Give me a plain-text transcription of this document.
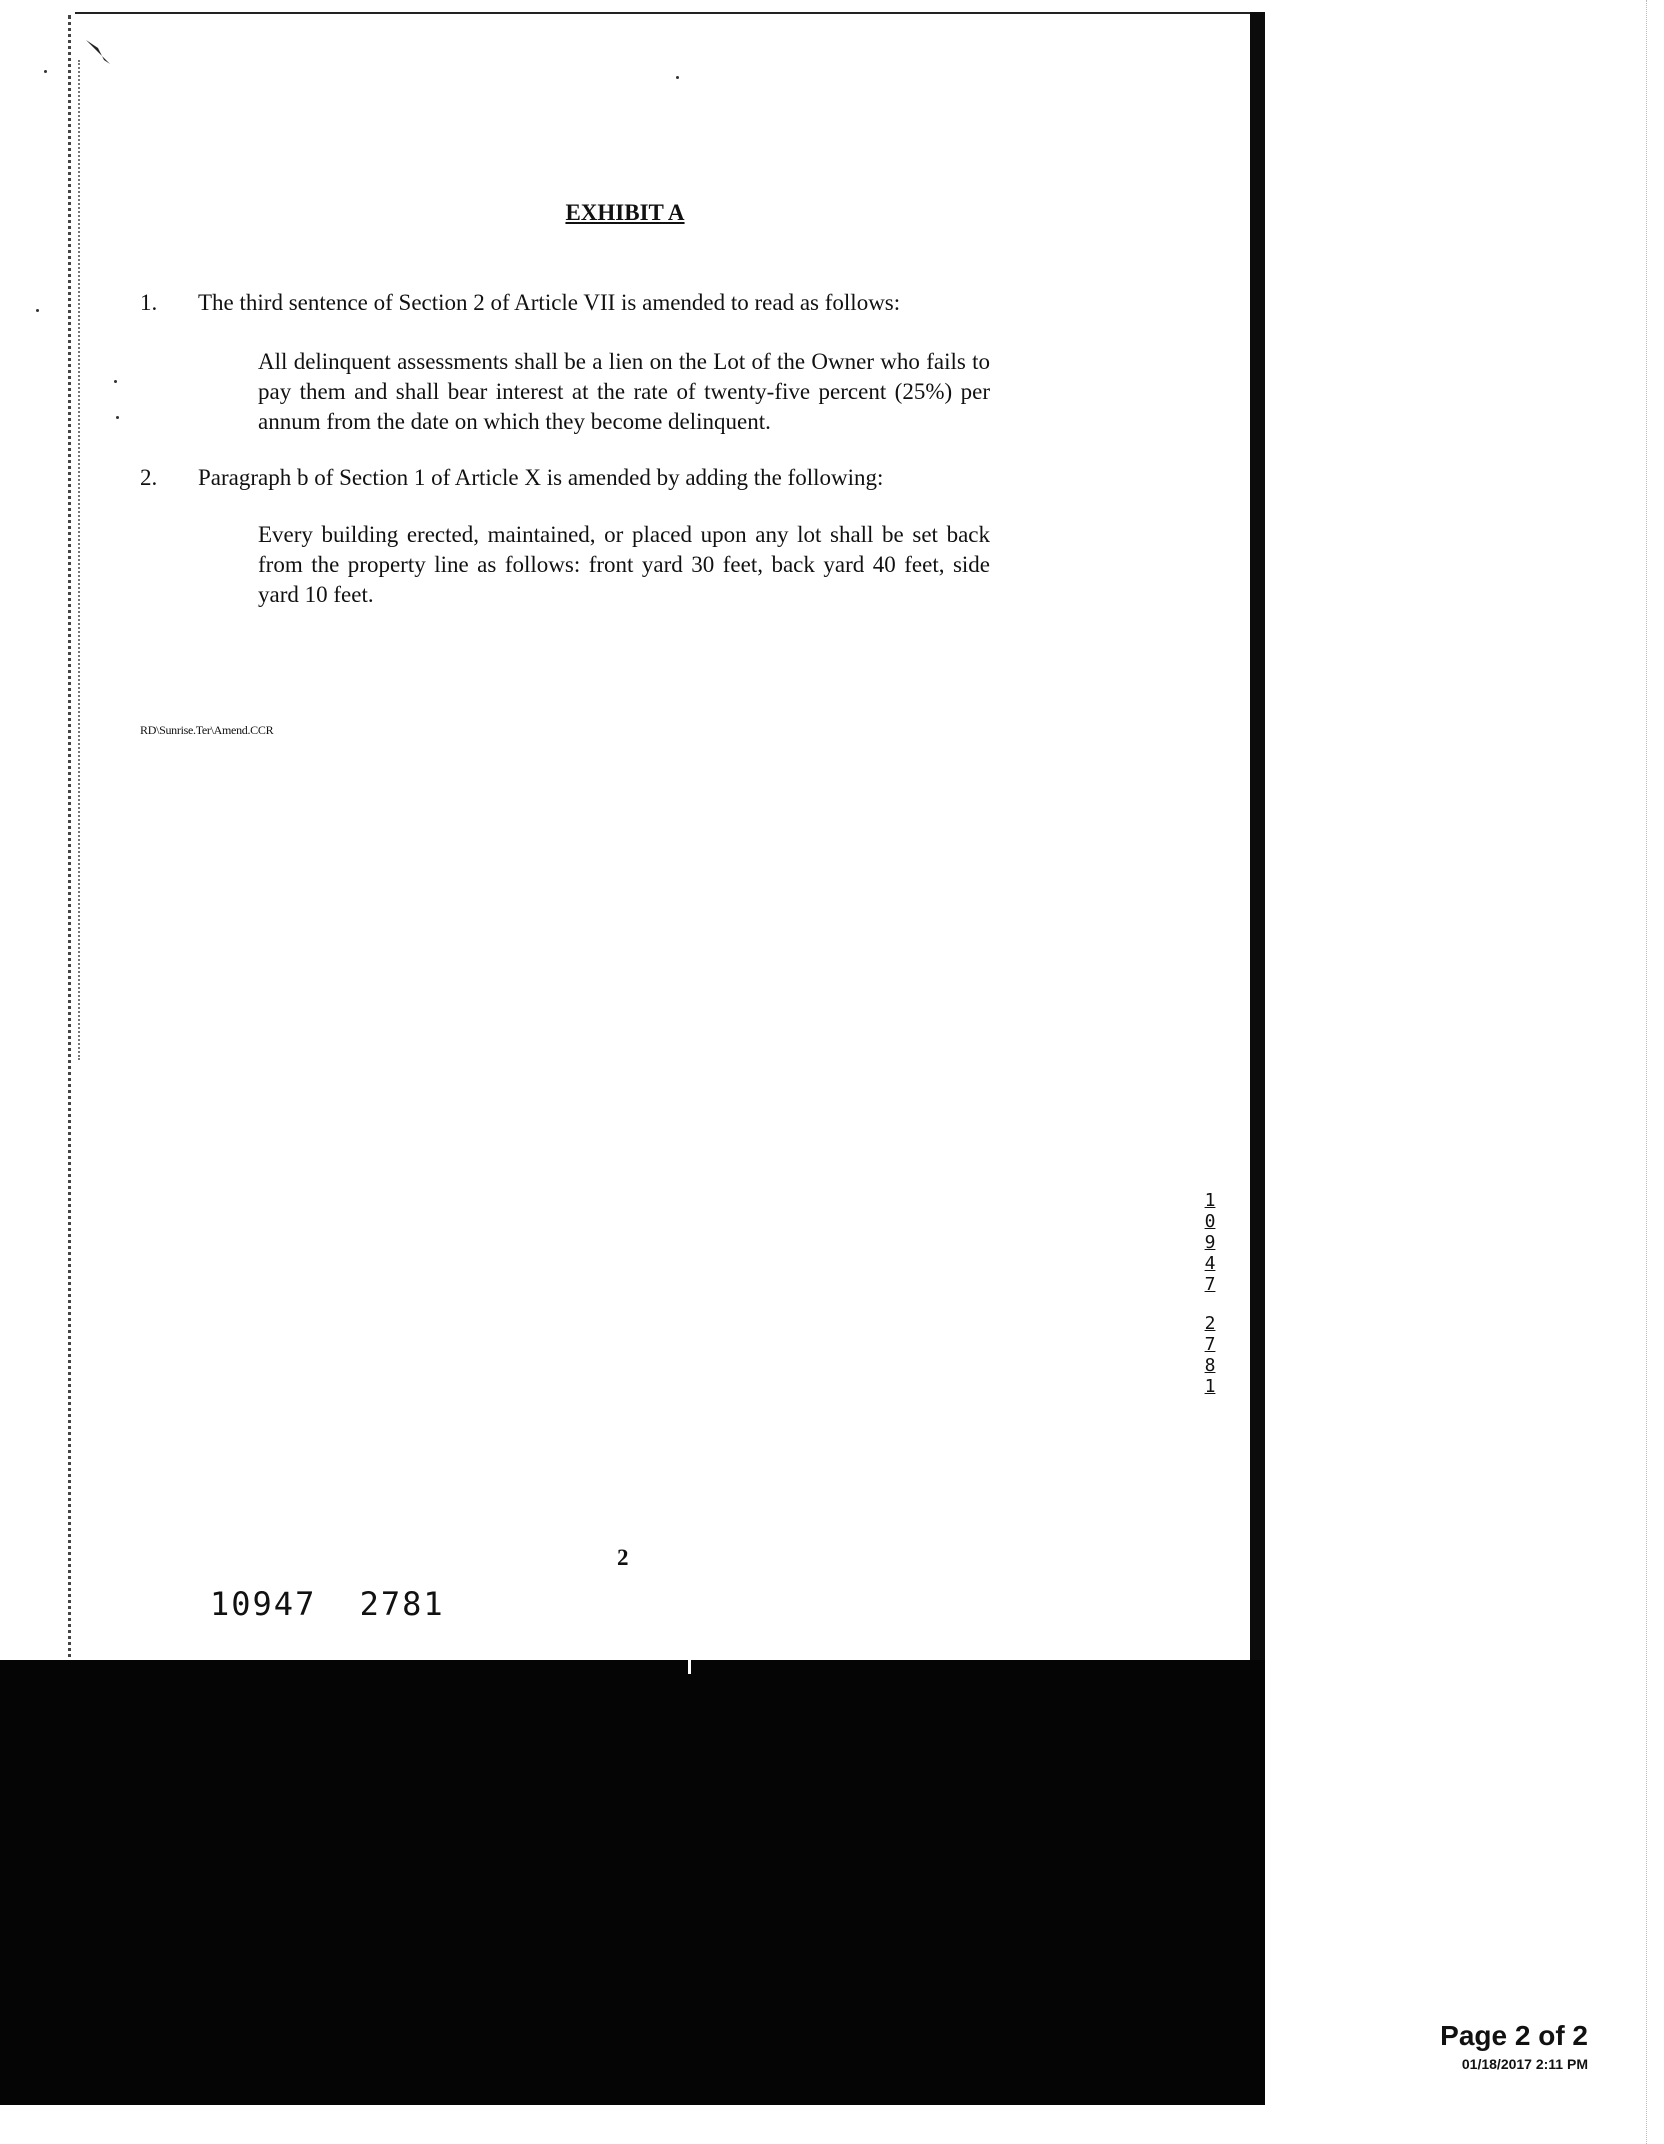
EXHIBIT A
1. The third sentence of Section 2 of Article VII is amended to read as follows:
All delinquent assessments shall be a lien on the Lot of the Owner who fails to pay them and shall bear interest at the rate of twenty-five percent (25%) per annum from the date on which they become delinquent.
2. Paragraph b of Section 1 of Article X is amended by adding the following:
Every building erected, maintained, or placed upon any lot shall be set back from the property line as follows: front yard 30 feet, back yard 40 feet, side yard 10 feet.
RD\Sunrise.Ter\Amend.CCR
1
0
9
4
7
2
7
8
1
2
10947 2781
Page 2 of 2
01/18/2017 2:11 PM
